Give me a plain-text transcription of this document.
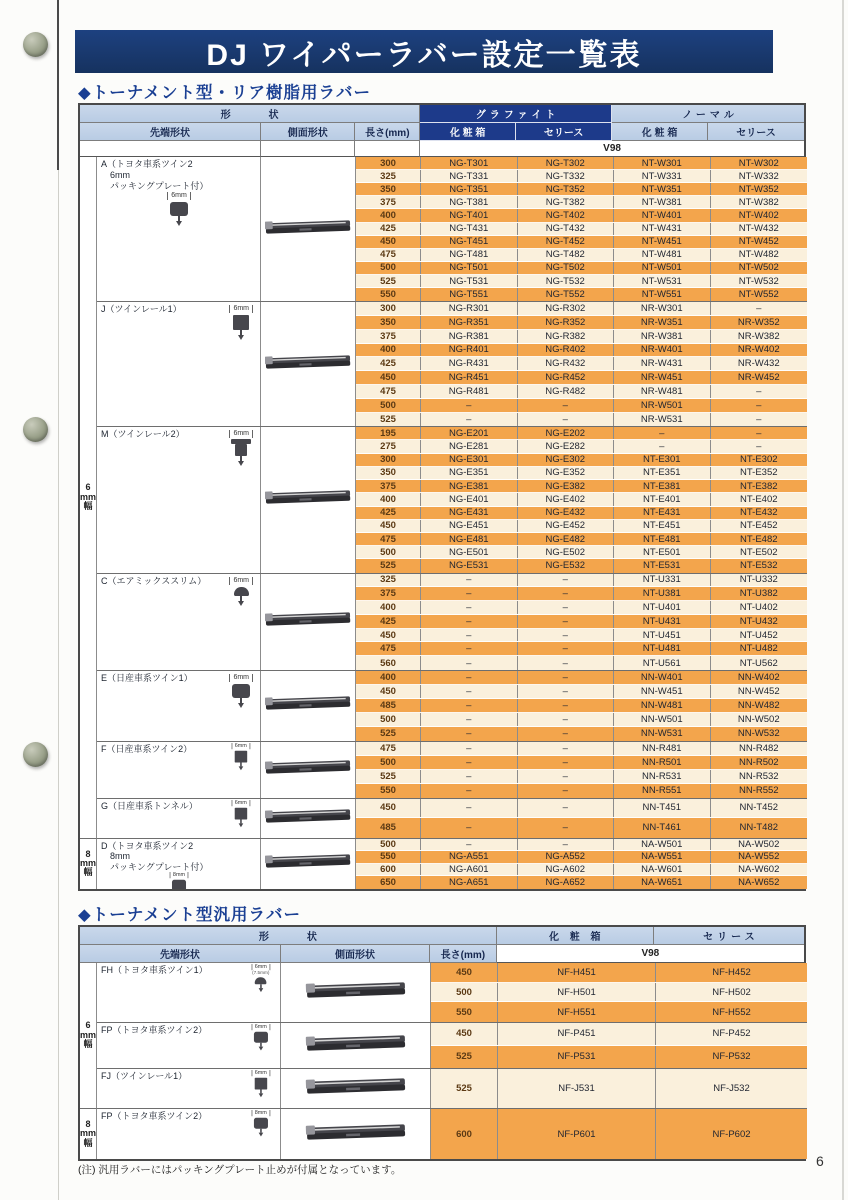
DJ ワイパーラバー設定一覧表
◆トーナメント型・リア樹脂用ラバー
形　状	グラファイト	ノーマル
先端形状	側面形状	長さ(mm)	化 粧 箱	セリース	化 粧 箱	セリース
V98
6
mm
幅
8
mm
幅
A（トヨタ車系ツイン2
　6mm
　パッキングプレート付）
6mm
300	NG-T301	NG-T302	NT-W301	NT-W302
325	NG-T331	NG-T332	NT-W331	NT-W332
350	NG-T351	NG-T352	NT-W351	NT-W352
375	NG-T381	NG-T382	NT-W381	NT-W382
400	NG-T401	NG-T402	NT-W401	NT-W402
425	NG-T431	NG-T432	NT-W431	NT-W432
450	NG-T451	NG-T452	NT-W451	NT-W452
475	NG-T481	NG-T482	NT-W481	NT-W482
500	NG-T501	NG-T502	NT-W501	NT-W502
525	NG-T531	NG-T532	NT-W531	NT-W532
550	NG-T551	NG-T552	NT-W551	NT-W552
J（ツインレール1）	6mm	300	NG-R301	NG-R302	NR-W301	–
350	NG-R351	NG-R352	NR-W351	NR-W352
375	NG-R381	NG-R382	NR-W381	NR-W382
400	NG-R401	NG-R402	NR-W401	NR-W402
425	NG-R431	NG-R432	NR-W431	NR-W432
450	NG-R451	NG-R452	NR-W451	NR-W452
475	NG-R481	NG-R482	NR-W481	–
500	–	–	NR-W501	–
525	–	–	NR-W531	–
M（ツインレール2）	6mm	195	NG-E201	NG-E202	–	–
275	NG-E281	NG-E282	–	–
300	NG-E301	NG-E302	NT-E301	NT-E302
350	NG-E351	NG-E352	NT-E351	NT-E352
375	NG-E381	NG-E382	NT-E381	NT-E382
400	NG-E401	NG-E402	NT-E401	NT-E402
425	NG-E431	NG-E432	NT-E431	NT-E432
450	NG-E451	NG-E452	NT-E451	NT-E452
475	NG-E481	NG-E482	NT-E481	NT-E482
500	NG-E501	NG-E502	NT-E501	NT-E502
525	NG-E531	NG-E532	NT-E531	NT-E532
C（エアミックススリム）	6mm	325	–	–	NT-U331	NT-U332
375	–	–	NT-U381	NT-U382
400	–	–	NT-U401	NT-U402
425	–	–	NT-U431	NT-U432
450	–	–	NT-U451	NT-U452
475	–	–	NT-U481	NT-U482
560	–	–	NT-U561	NT-U562
E（日産車系ツイン1）	6mm	400	–	–	NN-W401	NN-W402
450	–	–	NN-W451	NN-W452
485	–	–	NN-W481	NN-W482
500	–	–	NN-W501	NN-W502
525	–	–	NN-W531	NN-W532
F（日産車系ツイン2）	6mm	475	–	–	NN-R481	NN-R482
500	–	–	NN-R501	NN-R502
525	–	–	NN-R531	NN-R532
550	–	–	NN-R551	NN-R552
G（日産車系トンネル）	6mm
450	–	–	NN-T451	NN-T452
485	–	–	NN-T461	NN-T482
D（トヨタ車系ツイン2
　8mm
　パッキングプレート付）
8mm
500	–	–	NA-W501	NA-W502
550	NG-A551	NG-A552	NA-W551	NA-W552
600	NG-A601	NG-A602	NA-W601	NA-W602
650	NG-A651	NG-A652	NA-W651	NA-W652
◆トーナメント型汎用ラバー
形　状	化 粧 箱	セリース
先端形状	側面形状	長さ(mm)	V98
6
mm
幅
8
mm
幅
FH（トヨタ車系ツイン1）	6mm
(7.5mm)	450	NF-H451	NF-H452
500	NF-H501	NF-H502
550	NF-H551	NF-H552
FP（トヨタ車系ツイン2）	6mm
450	NF-P451	NF-P452
525	NF-P531	NF-P532
FJ（ツインレール1）	6mm
525	NF-J531	NF-J532
FP（トヨタ車系ツイン2）	8mm
600	NF-P601	NF-P602
(注) 汎用ラバーにはパッキングプレート止めが付属となっています。
6
